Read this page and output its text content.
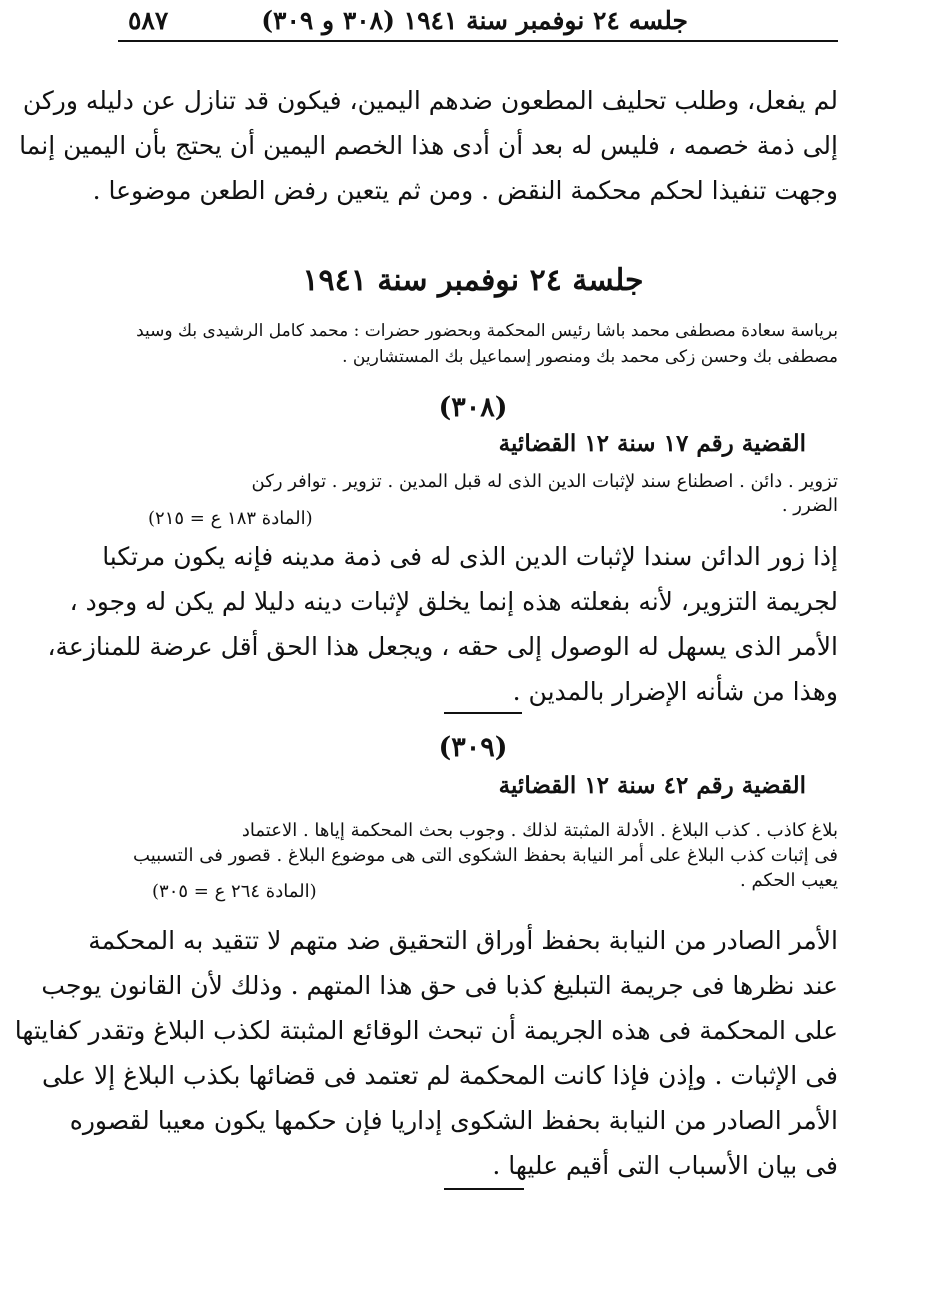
جلسه ٢٤ نوفمبر سنة ١٩٤١ (٣٠٨ و ٣٠٩)
٥٨٧
لم يفعل، وطلب تحليف المطعون ضدهم اليمين، فيكون قد تنازل عن دليله وركن
إلى ذمة خصمه ، فليس له بعد أن أدى هذا الخصم اليمين أن يحتج بأن اليمين إنما
وجهت تنفيذا لحكم محكمة النقض . ومن ثم يتعين رفض الطعن موضوعا .
جلسة ٢٤ نوفمبر سنة ١٩٤١
برياسة سعادة مصطفى محمد باشا رئيس المحكمة وبحضور حضرات : محمد كامل الرشيدى بك وسيد
مصطفى بك وحسن زكى محمد بك ومنصور إسماعيل بك المستشارين .
(٣٠٨)
القضية رقم ١٧ سنة ١٢ القضائية
تزوير . دائن . اصطناع سند لإثبات الدين الذى له قبل المدين . تزوير . توافر ركن
الضرر .
(المادة ١٨٣ ع = ٢١٥)
إذا زور الدائن سندا لإثبات الدين الذى له فى ذمة مدينه فإنه يكون مرتكبا
لجريمة التزوير، لأنه بفعلته هذه إنما يخلق لإثبات دينه دليلا لم يكن له وجود ،
الأمر الذى يسهل له الوصول إلى حقه ، ويجعل هذا الحق أقل عرضة للمنازعة،
وهذا من شأنه الإضرار بالمدين .
(٣٠٩)
القضية رقم ٤٢ سنة ١٢ القضائية
بلاغ كاذب . كذب البلاغ . الأدلة المثبتة لذلك . وجوب بحث المحكمة إياها . الاعتماد
فى إثبات كذب البلاغ على أمر النيابة بحفظ الشكوى التى هى موضوع البلاغ . قصور فى التسبيب
يعيب الحكم .
(المادة ٢٦٤ ع = ٣٠٥)
الأمر الصادر من النيابة بحفظ أوراق التحقيق ضد متهم لا تتقيد به المحكمة
عند نظرها فى جريمة التبليغ كذبا فى حق هذا المتهم . وذلك لأن القانون يوجب
على المحكمة فى هذه الجريمة أن تبحث الوقائع المثبتة لكذب البلاغ وتقدر كفايتها
فى الإثبات . وإذن فإذا كانت المحكمة لم تعتمد فى قضائها بكذب البلاغ إلا على
الأمر الصادر من النيابة بحفظ الشكوى إداريا فإن حكمها يكون معيبا لقصوره
فى بيان الأسباب التى أقيم عليها .
